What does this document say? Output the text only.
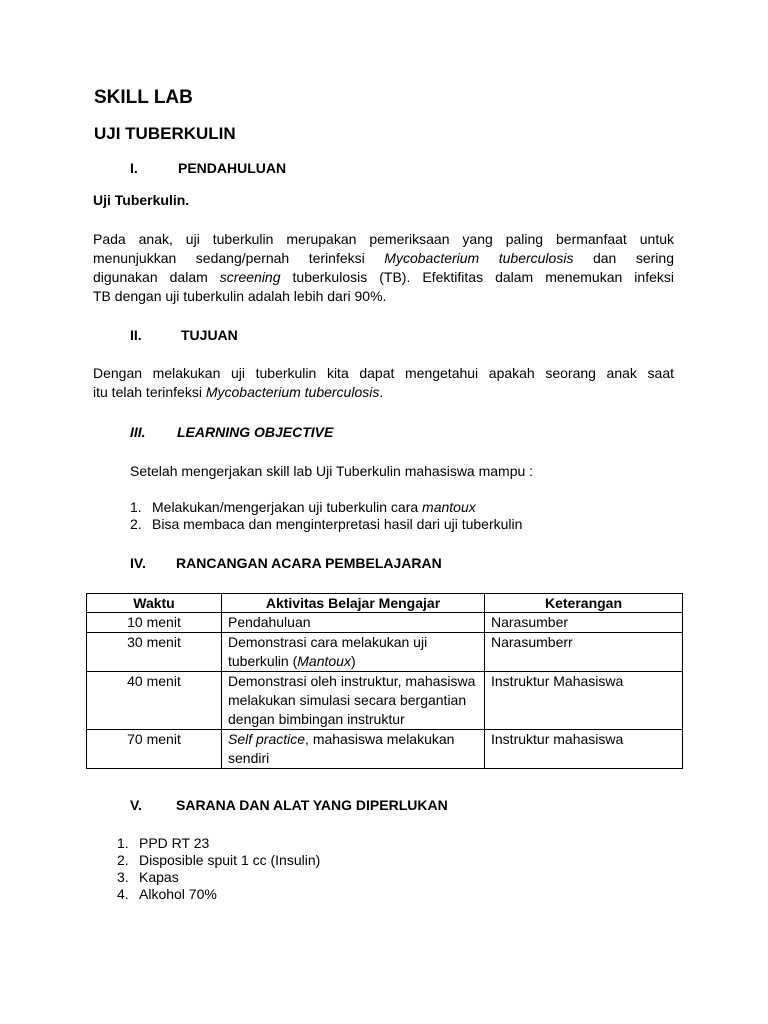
SKILL LAB
UJI TUBERKULIN
I.	PENDAHULUAN

Uji Tuberkulin.

Pada anak, uji tuberkulin merupakan pemeriksaan yang paling bermanfaat untuk
menunjukkan sedang/pernah terinfeksi Mycobacterium tuberculosis dan sering
digunakan dalam screening tuberkulosis (TB). Efektifitas dalam menemukan infeksi
TB dengan uji tuberkulin adalah lebih dari 90%.
II.	TUJUAN
Dengan melakukan uji tuberkulin kita dapat mengetahui apakah seorang anak saat
itu telah terinfeksi Mycobacterium tuberculosis.
III. LEARNING OBJECTIVE

Setelah mengerjakan skill lab Uji Tuberkulin mahasiswa mampu :

1. Melakukan/mengerjakan uji tuberkulin cara mantoux
2. Bisa membaca dan menginterpretasi hasil dari uji tuberkulin
IV. RANCANGAN ACARA PEMBELAJARAN
Waktu	Aktivitas Belajar Mengajar	Keterangan
10 menit	Pendahuluan	Narasumber
30 menit	Demonstrasi cara melakukan uji tuberkulin (Mantoux)	Narasumberr
40 menit	Demonstrasi oleh instruktur, mahasiswa melakukan simulasi secara bergantian dengan bimbingan instruktur	Instruktur Mahasiswa
70 menit	Self practice, mahasiswa melakukan sendiri	Instruktur mahasiswa
V. SARANA DAN ALAT YANG DIPERLUKAN
1. PPD RT 23
2. Disposible spuit 1 cc (Insulin)
3. Kapas
4. Alkohol 70%
